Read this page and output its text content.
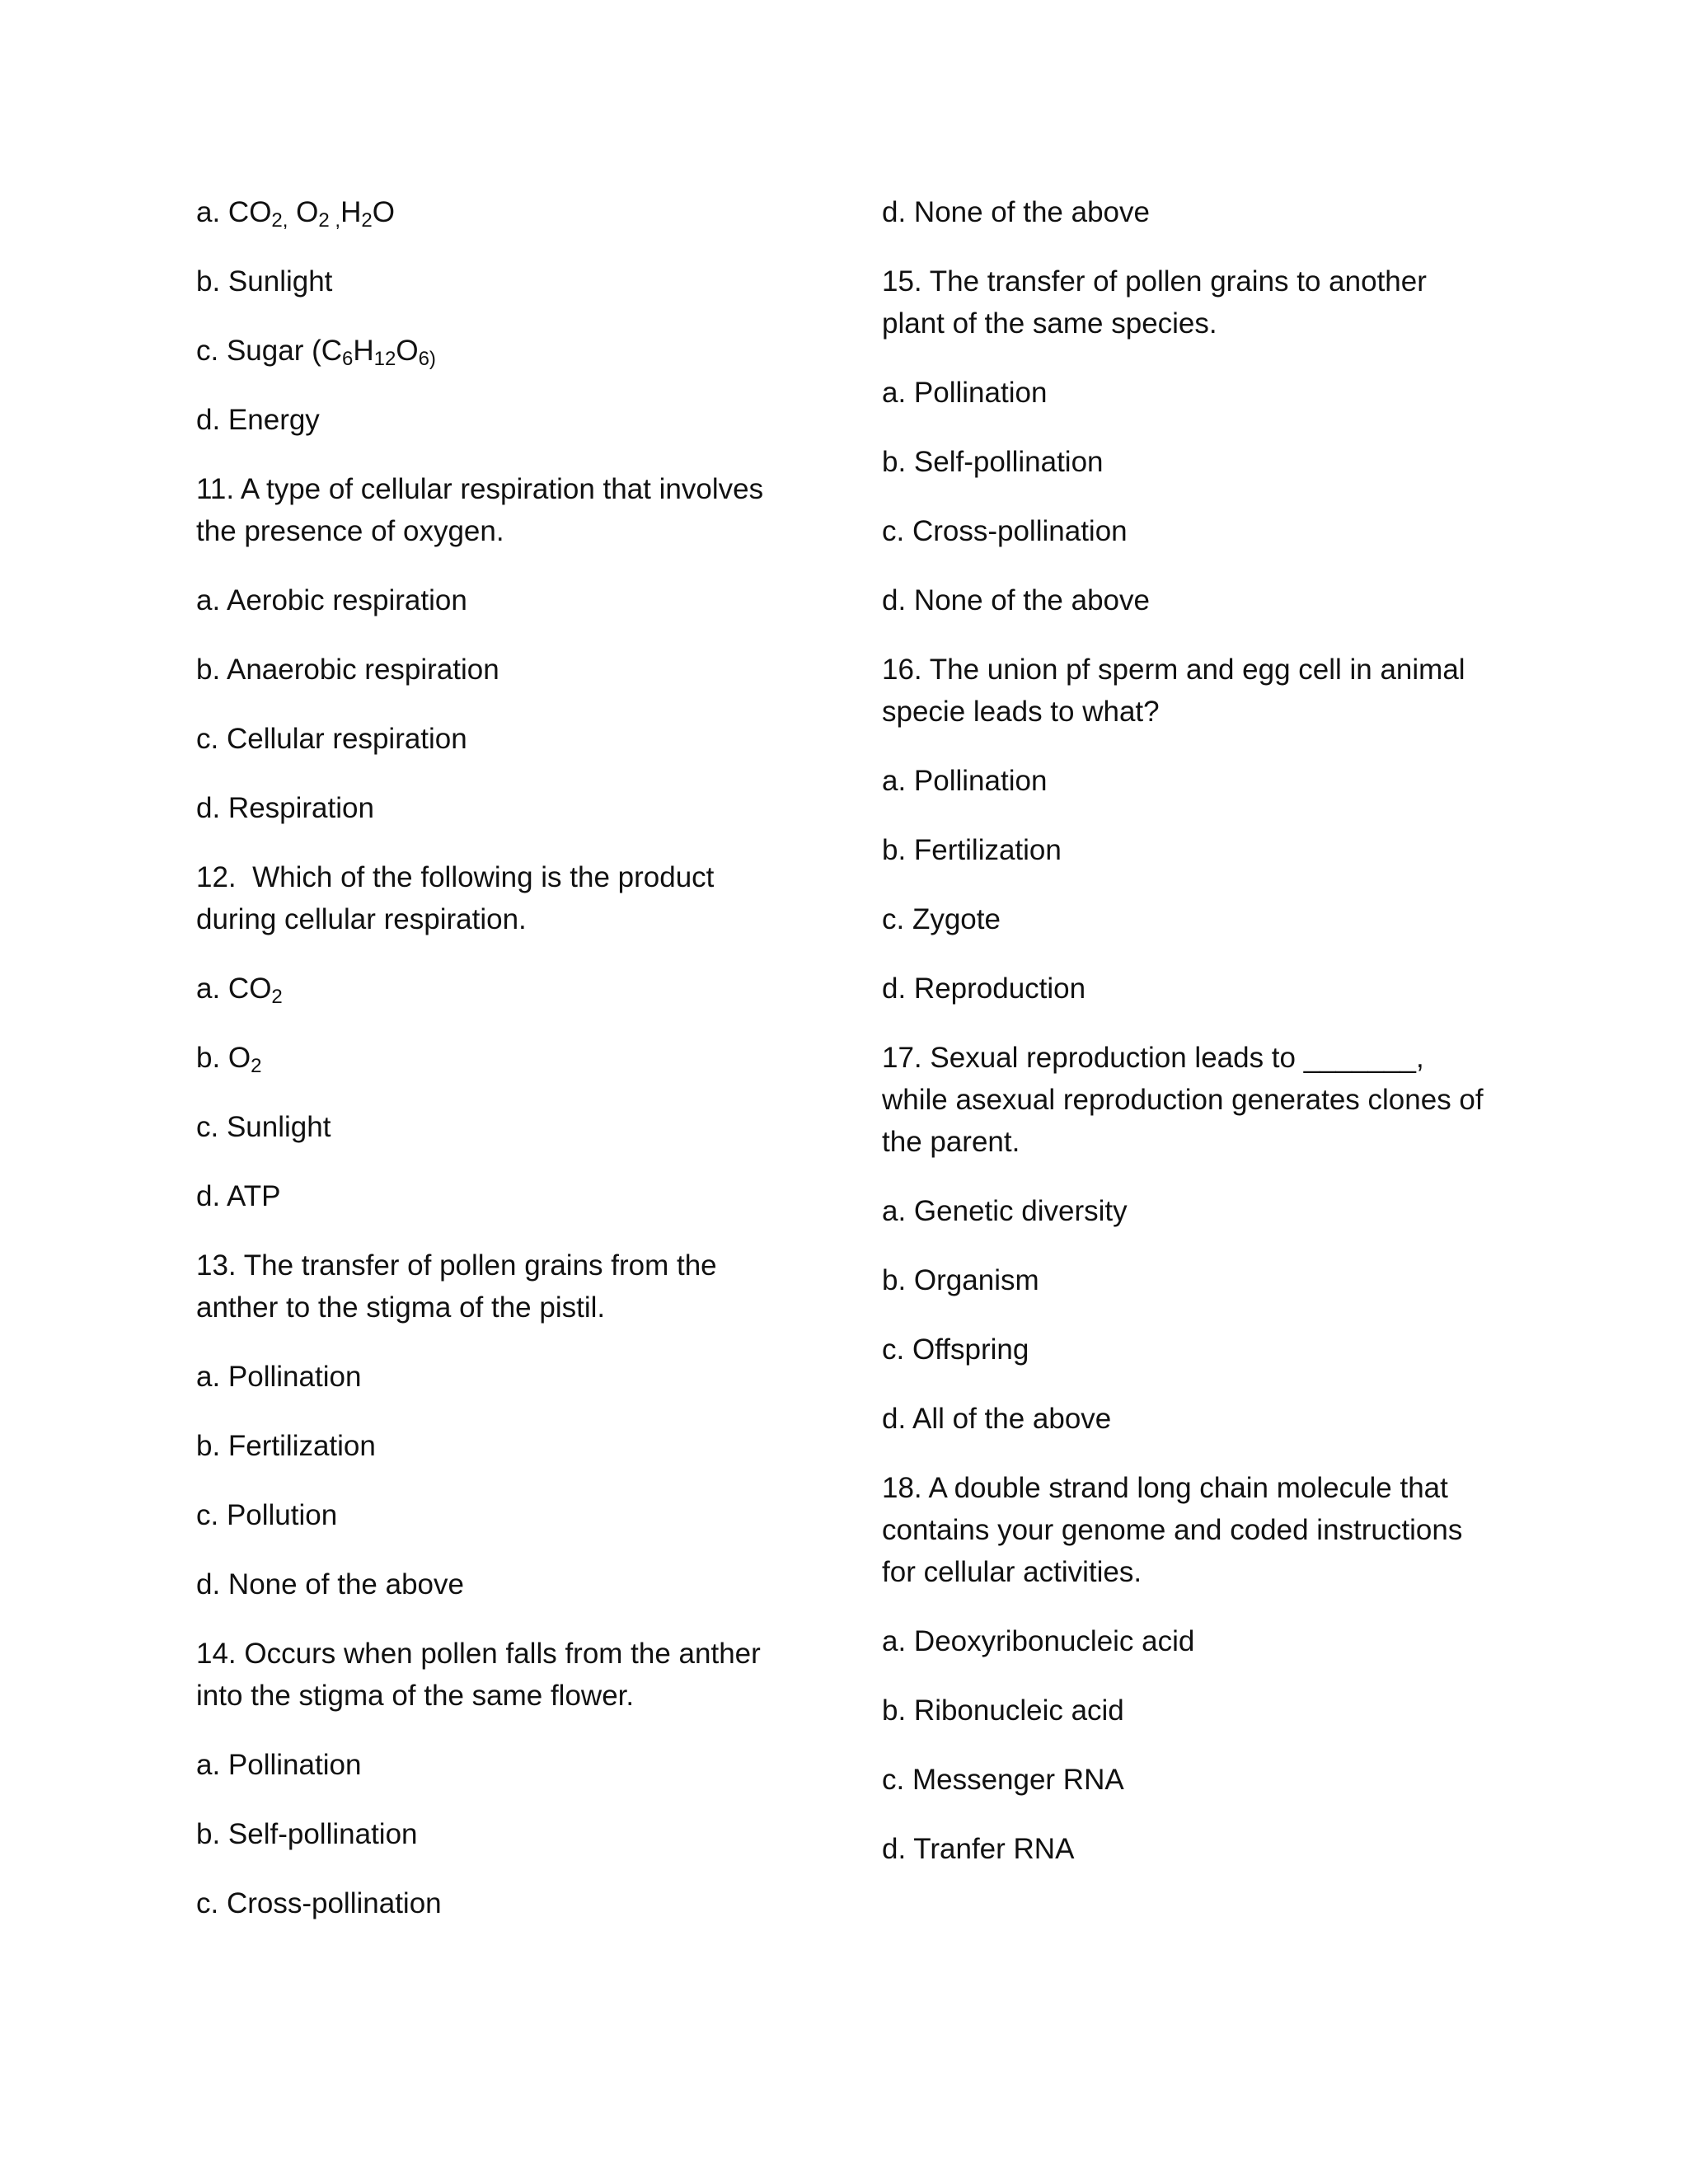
a. $CO_{2,}$ $O_{2 ,}H_2O$

b. Sunlight

c. Sugar ($C_6H_{12}O_{6)}$

d. Energy

11. A type of cellular respiration that involves the presence of oxygen.

a. Aerobic respiration

b. Anaerobic respiration

c. Cellular respiration

d. Respiration

12.  Which of the following is the product during cellular respiration.

a. $CO_2$

b. $O_2$

c. Sunlight

d. ATP

13. The transfer of pollen grains from the anther to the stigma of the pistil.

a. Pollination

b. Fertilization

c. Pollution

d. None of the above

14. Occurs when pollen falls from the anther into the stigma of the same flower.

a. Pollination

b. Self-pollination

c. Cross-pollination

d. None of the above

15. The transfer of pollen grains to another plant of the same species.

a. Pollination

b. Self-pollination

c. Cross-pollination

d. None of the above

16. The union pf sperm and egg cell in animal specie leads to what?

a. Pollination

b. Fertilization

c. Zygote

d. Reproduction

17. Sexual reproduction leads to _______, while asexual reproduction generates clones of the parent.

a. Genetic diversity

b. Organism

c. Offspring

d. All of the above

18. A double strand long chain molecule that contains your genome and coded instructions for cellular activities.

a. Deoxyribonucleic acid

b. Ribonucleic acid

c. Messenger RNA

d. Tranfer RNA
